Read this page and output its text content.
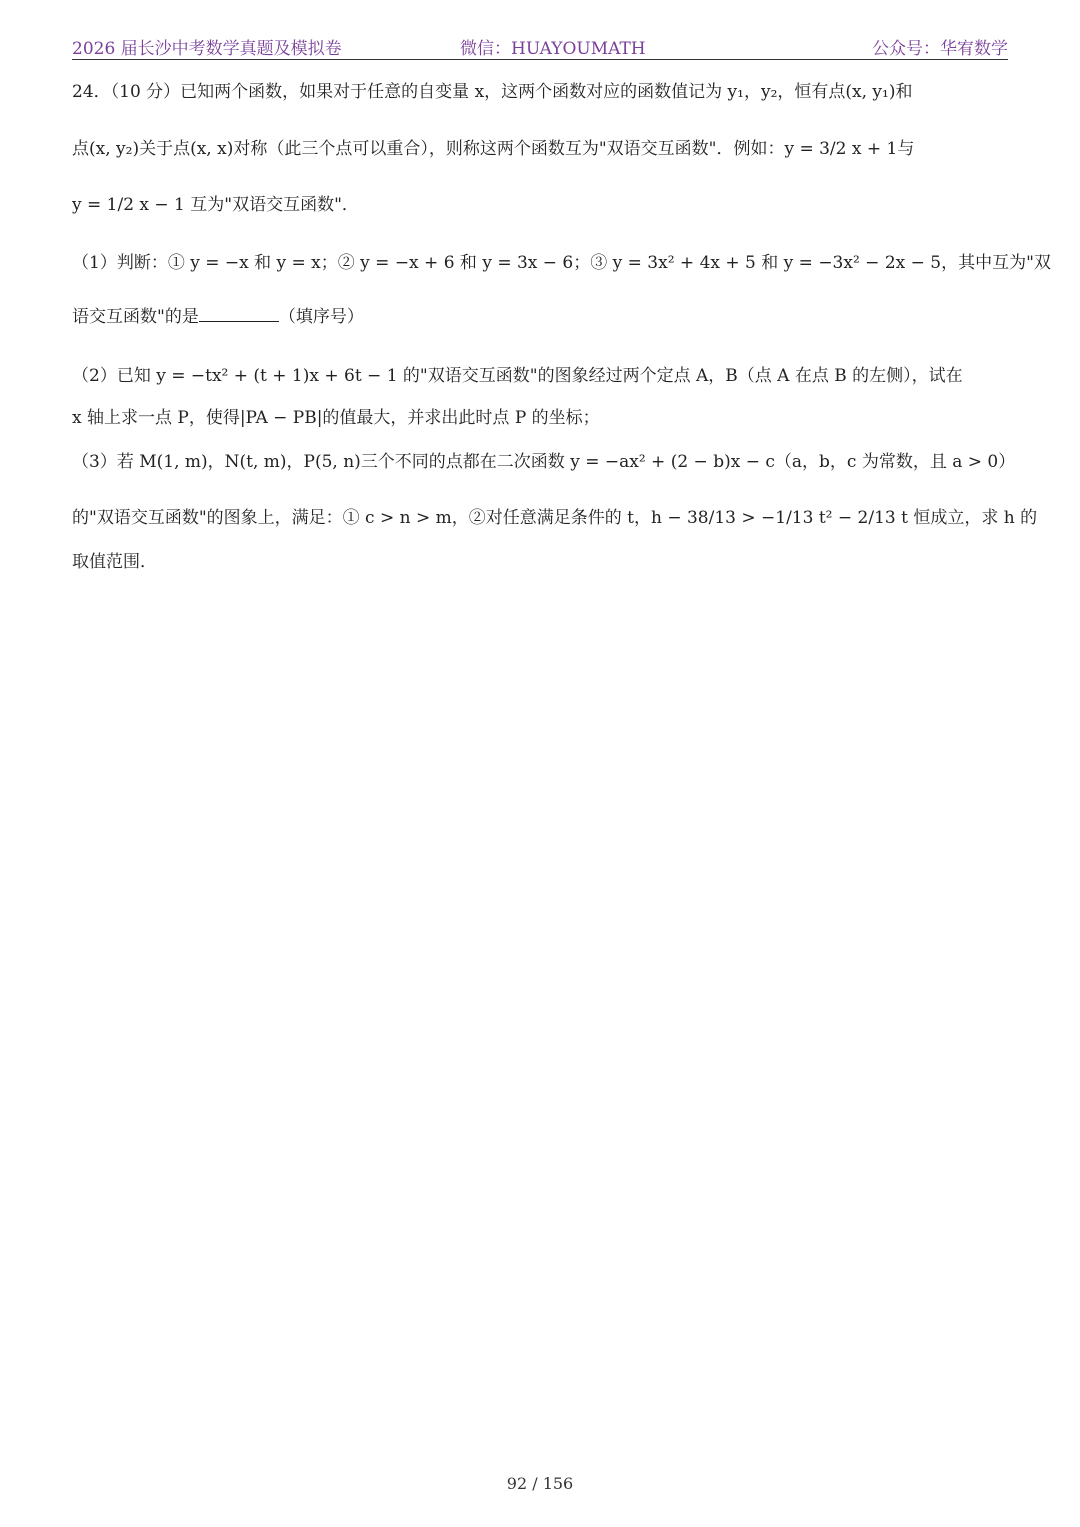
2026 届长沙中考数学真题及模拟卷	微信：HUAYOUMATH	公众号：华宥数学
24．（10 分）已知两个函数，如果对于任意的自变量 x，这两个函数对应的函数值记为 y₁，y₂，恒有点(x, y₁)和
点(x, y₂)关于点(x, x)对称（此三个点可以重合），则称这两个函数互为"双语交互函数"．例如：y = 3/2 x + 1与
y = 1/2 x − 1 互为"双语交互函数"．
（1）判断：① y = −x 和 y = x；② y = −x + 6 和 y = 3x − 6；③ y = 3x² + 4x + 5 和 y = −3x² − 2x − 5，其中互为"双
语交互函数"的是	（填序号）
（2）已知 y = −tx² + (t + 1)x + 6t − 1 的"双语交互函数"的图象经过两个定点 A，B（点 A 在点 B 的左侧），试在
x 轴上求一点 P，使得|PA − PB|的值最大，并求出此时点 P 的坐标；
（3）若 M(1, m)，N(t, m)，P(5, n)三个不同的点都在二次函数 y = −ax² + (2 − b)x − c（a，b，c 为常数，且 a > 0）
的"双语交互函数"的图象上，满足：① c > n > m，②对任意满足条件的 t，h − 38/13 > −1/13 t² − 2/13 t 恒成立，求 h 的
取值范围．
92 / 156
